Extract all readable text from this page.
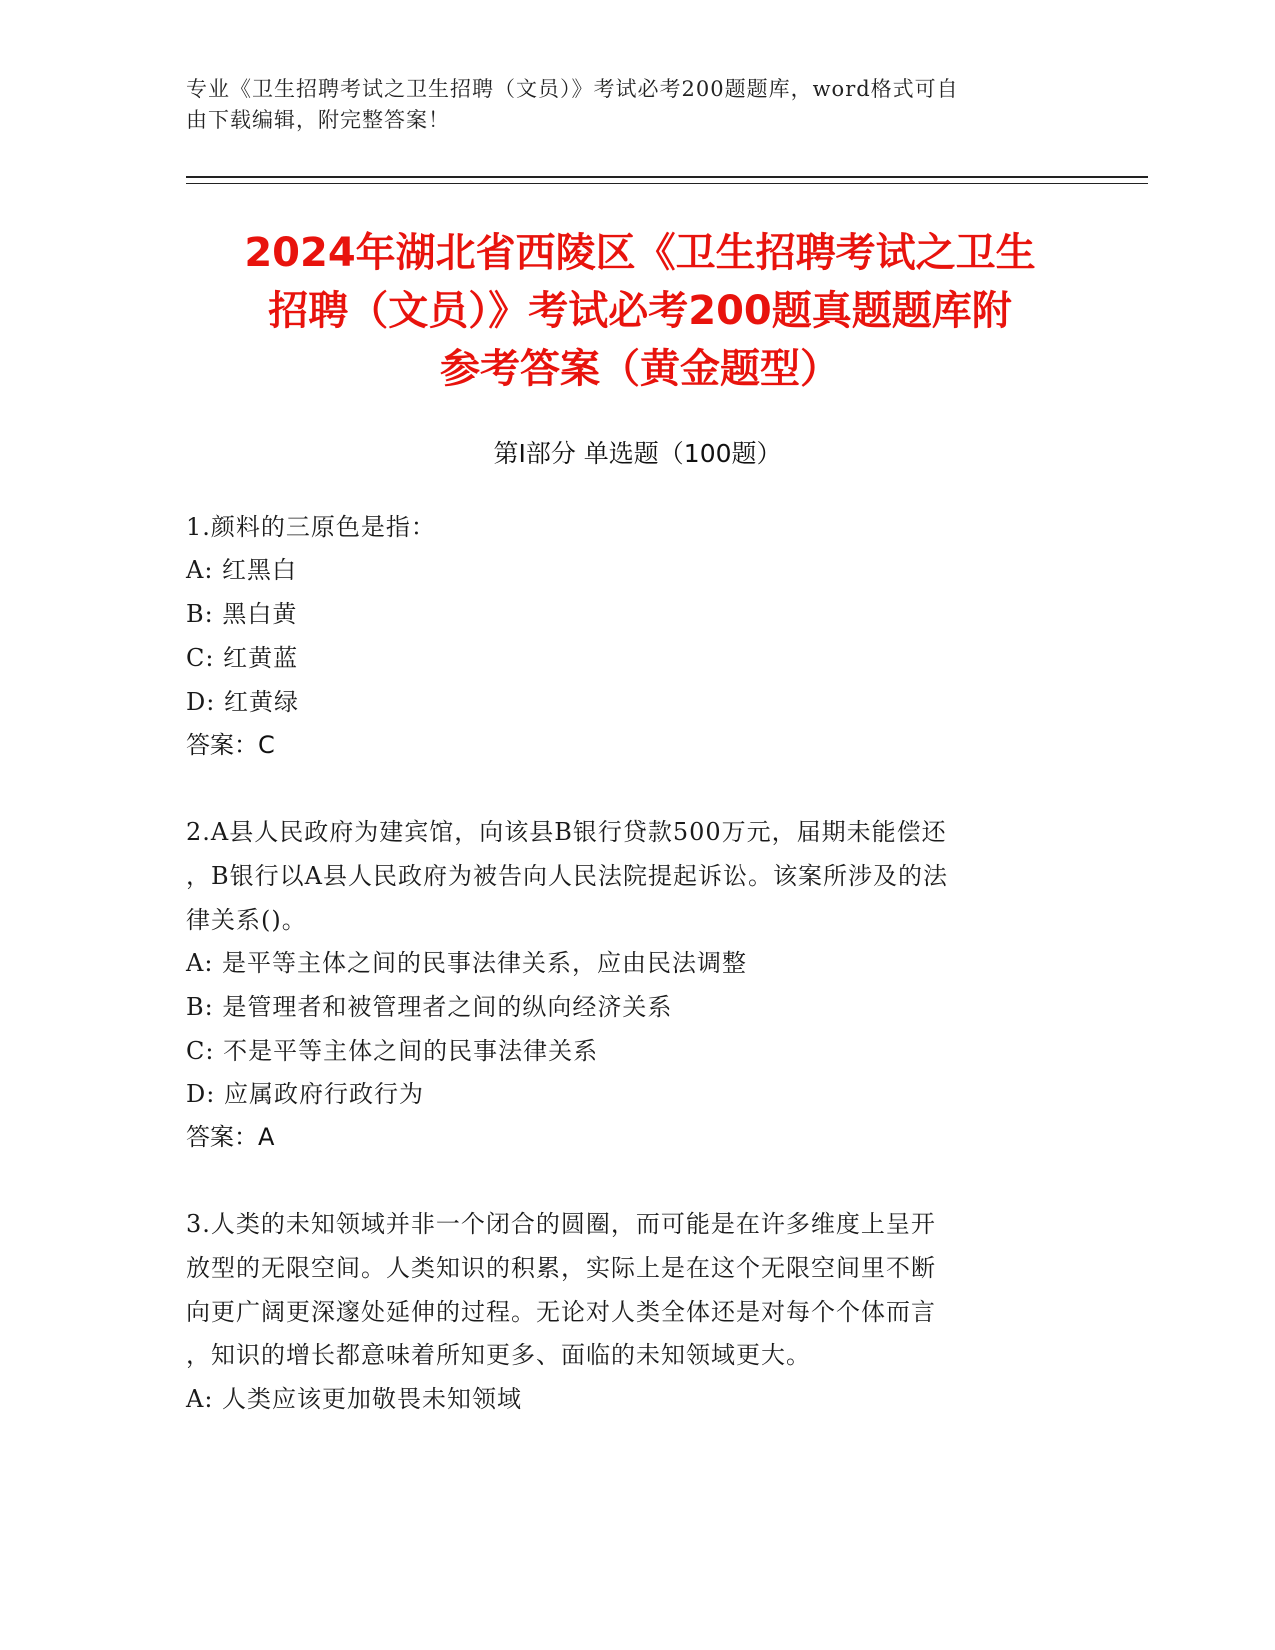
专业《卫生招聘考试之卫生招聘（文员）》考试必考200题题库，word格式可自
由下载编辑，附完整答案！
2024年湖北省西陵区《卫生招聘考试之卫生
招聘（文员）》考试必考200题真题题库附
参考答案（黄金题型）
第Ⅰ部分 单选题（100题）
1.颜料的三原色是指：
A: 红黑白
B: 黑白黄
C: 红黄蓝
D: 红黄绿
答案：C
2.A县人民政府为建宾馆，向该县B银行贷款500万元，届期未能偿还
，B银行以A县人民政府为被告向人民法院提起诉讼。该案所涉及的法
律关系()。
A: 是平等主体之间的民事法律关系，应由民法调整
B: 是管理者和被管理者之间的纵向经济关系
C: 不是平等主体之间的民事法律关系
D: 应属政府行政行为
答案：A
3.人类的未知领域并非一个闭合的圆圈，而可能是在许多维度上呈开
放型的无限空间。人类知识的积累，实际上是在这个无限空间里不断
向更广阔更深邃处延伸的过程。无论对人类全体还是对每个个体而言
，知识的增长都意味着所知更多、面临的未知领域更大。
A: 人类应该更加敬畏未知领域
